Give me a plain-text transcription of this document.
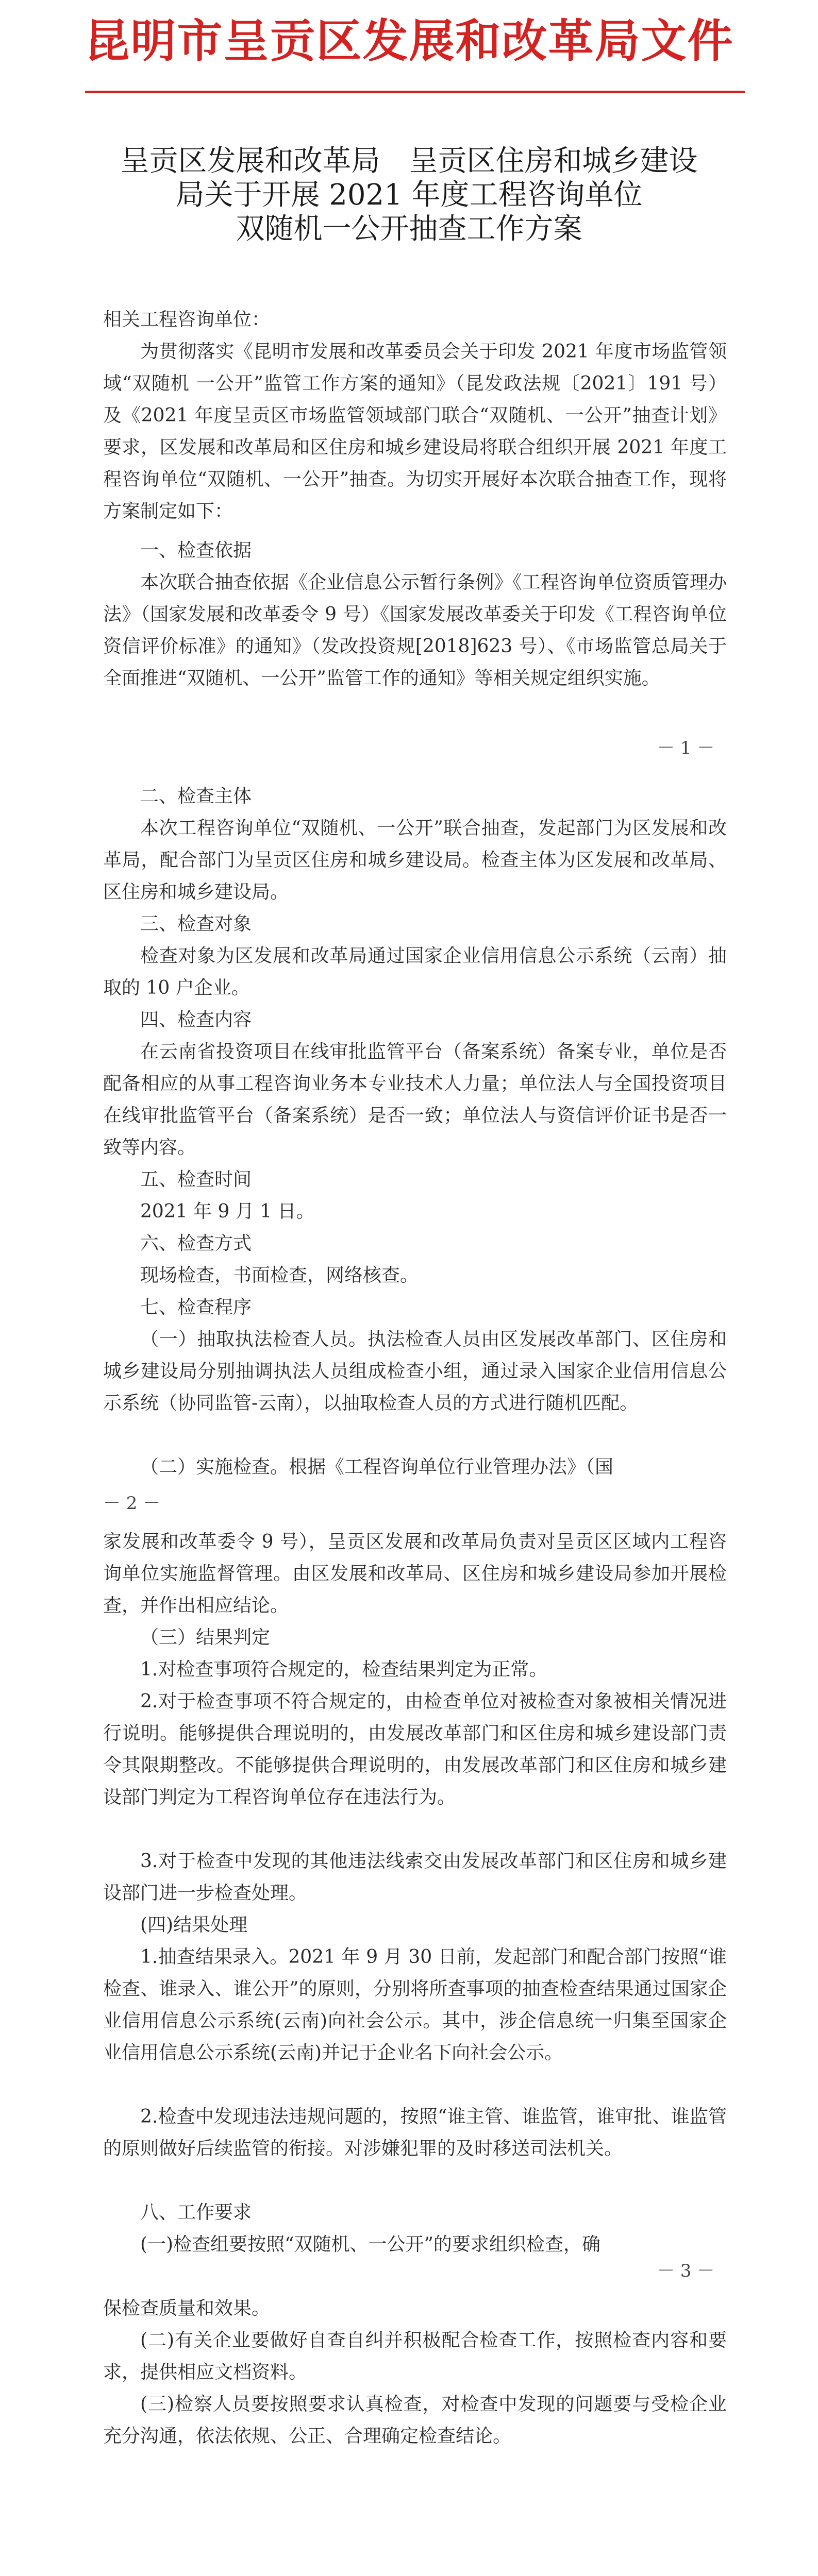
昆明市呈贡区发展和改革局文件
呈贡区发展和改革局　呈贡区住房和城乡建设
局关于开展 2021 年度工程咨询单位
双随机一公开抽查工作方案

相关工程咨询单位：

为贯彻落实《昆明市发展和改革委员会关于印发 2021 年度市场监管领域“双随机 一公开”监管工作方案的通知》（昆发政法规〔2021〕191 号）及《2021 年度呈贡区市场监管领域部门联合“双随机、一公开”抽查计划》要求，区发展和改革局和区住房和城乡建设局将联合组织开展 2021 年度工程咨询单位“双随机、一公开”抽查。为切实开展好本次联合抽查工作，现将方案制定如下：

一、检查依据

本次联合抽查依据《企业信息公示暂行条例》《工程咨询单位资质管理办法》（国家发展和改革委令 9 号）《国家发展改革委关于印发《工程咨询单位资信评价标准》的通知》（发改投资规[2018]623 号）、《市场监管总局关于全面推进“双随机、一公开”监管工作的通知》等相关规定组织实施。

－ 1 －

二、检查主体

本次工程咨询单位“双随机、一公开”联合抽查，发起部门为区发展和改革局，配合部门为呈贡区住房和城乡建设局。检查主体为区发展和改革局、区住房和城乡建设局。

三、检查对象

检查对象为区发展和改革局通过国家企业信用信息公示系统（云南）抽取的 10 户企业。

四、检查内容

在云南省投资项目在线审批监管平台（备案系统）备案专业，单位是否配备相应的从事工程咨询业务本专业技术人力量；单位法人与全国投资项目在线审批监管平台（备案系统）是否一致；单位法人与资信评价证书是否一致等内容。

五、检查时间

2021 年 9 月 1 日。

六、检查方式

现场检查，书面检查，网络核查。

七、检查程序

（一）抽取执法检查人员。执法检查人员由区发展改革部门、区住房和城乡建设局分别抽调执法人员组成检查小组，通过录入国家企业信用信息公示系统（协同监管-云南），以抽取检查人员的方式进行随机匹配。

（二）实施检查。根据《工程咨询单位行业管理办法》（国

－ 2 －

家发展和改革委令 9 号），呈贡区发展和改革局负责对呈贡区区域内工程咨询单位实施监督管理。由区发展和改革局、区住房和城乡建设局参加开展检查，并作出相应结论。

（三）结果判定

1.对检查事项符合规定的，检查结果判定为正常。

2.对于检查事项不符合规定的，由检查单位对被检查对象被相关情况进行说明。能够提供合理说明的，由发展改革部门和区住房和城乡建设部门责令其限期整改。不能够提供合理说明的，由发展改革部门和区住房和城乡建设部门判定为工程咨询单位存在违法行为。

3.对于检查中发现的其他违法线索交由发展改革部门和区住房和城乡建设部门进一步检查处理。

(四)结果处理

1.抽查结果录入。2021 年 9 月 30 日前，发起部门和配合部门按照“谁检查、谁录入、谁公开”的原则，分别将所查事项的抽查检查结果通过国家企业信用信息公示系统(云南)向社会公示。其中，涉企信息统一归集至国家企业信用信息公示系统(云南)并记于企业名下向社会公示。

2.检查中发现违法违规问题的，按照“谁主管、谁监管，谁审批、谁监管的原则做好后续监管的衔接。对涉嫌犯罪的及时移送司法机关。

八、工作要求

(一)检查组要按照“双随机、一公开”的要求组织检查，确

－ 3 －

保检查质量和效果。

(二)有关企业要做好自查自纠并积极配合检查工作，按照检查内容和要求，提供相应文档资料。

(三)检察人员要按照要求认真检查，对检查中发现的问题要与受检企业充分沟通，依法依规、公正、合理确定检查结论。
